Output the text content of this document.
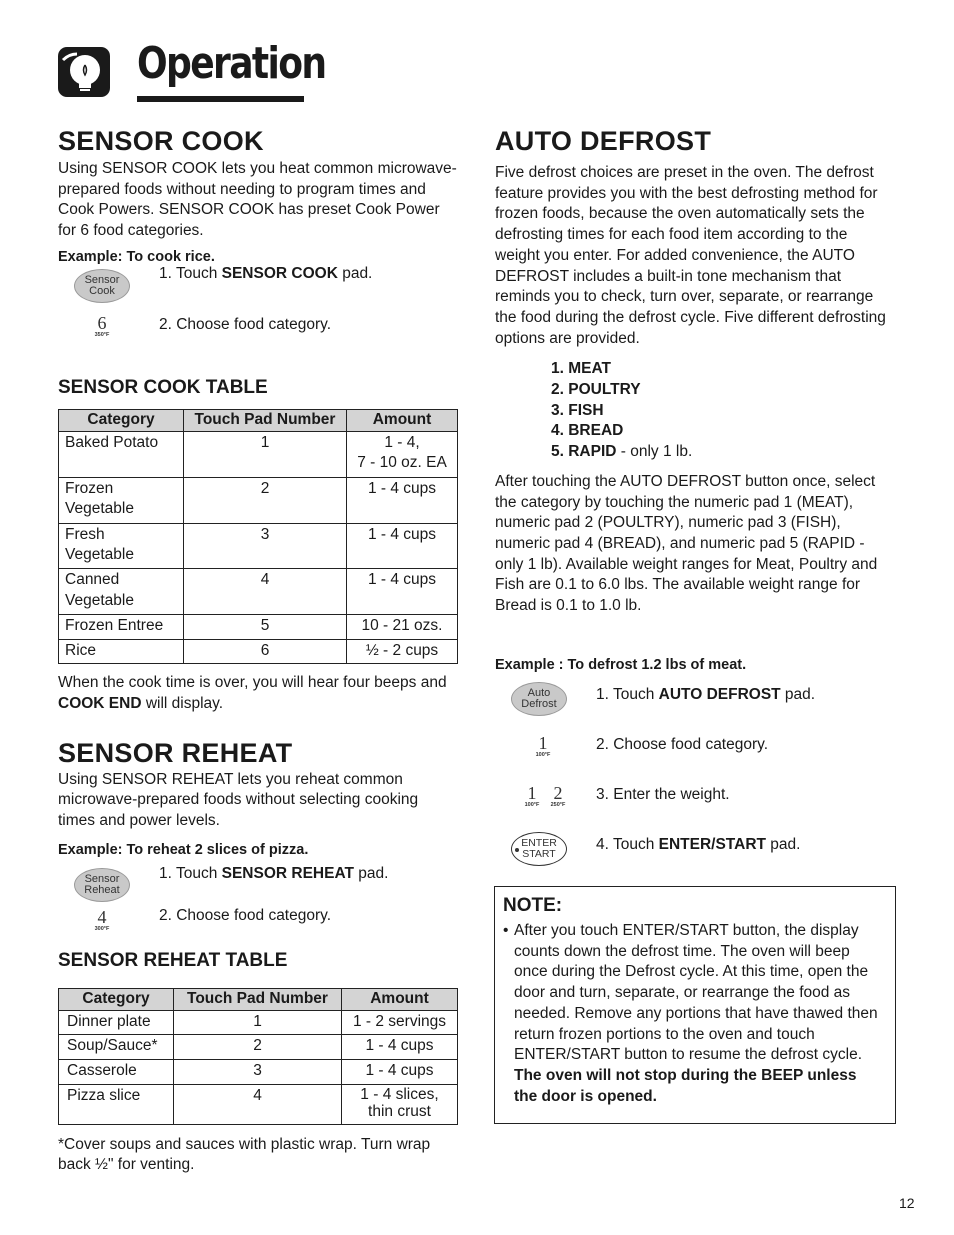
Operation
SENSOR COOK

Using SENSOR COOK lets you heat common microwave-prepared foods without needing to program times and Cook Powers. SENSOR COOK has preset Cook Power for 6 food categories.

Example: To cook rice.
Sensor
Cook
1. Touch SENSOR COOK pad.
6
350°F
2. Choose food category.
SENSOR COOK TABLE
Category	Touch Pad Number	Amount
Baked Potato	1	1 - 4,
7 - 10 oz. EA
Frozen
Vegetable	2	1 - 4 cups
Fresh
Vegetable	3	1 - 4 cups
Canned
Vegetable	4	1 - 4 cups
Frozen Entree	5	10 - 21 ozs.
Rice	6	½ - 2 cups

When the cook time is over, you will hear four beeps and COOK END will display.

SENSOR REHEAT

Using SENSOR REHEAT lets you reheat common microwave-prepared foods without selecting cooking times and power levels.

Example: To reheat 2 slices of pizza.
Sensor
Reheat
1. Touch SENSOR REHEAT pad.
4
300°F
2. Choose food category.
SENSOR REHEAT TABLE
Category	Touch Pad Number	Amount
Dinner plate	1	1 - 2 servings
Soup/Sauce*	2	1 - 4 cups
Casserole	3	1 - 4 cups
Pizza slice	4	1 - 4 slices,
thin crust

*Cover soups and sauces with plastic wrap. Turn wrap back ½" for venting.

AUTO DEFROST

Five defrost choices are preset in the oven. The defrost feature provides you with the best defrosting method for frozen foods, because the oven automatically sets the defrosting times for each food item according to the weight you enter. For added convenience, the AUTO DEFROST includes a built-in tone mechanism that reminds you to check, turn over, separate, or rearrange the food during the defrost cycle. Five different defrosting options are provided.

1. MEAT
2. POULTRY
3. FISH
4. BREAD
5. RAPID - only 1 lb.

After touching the AUTO DEFROST button once, select the category by touching the numeric pad 1 (MEAT), numeric pad 2 (POULTRY), numeric pad 3 (FISH), numeric pad 4 (BREAD), and numeric pad 5 (RAPID - only 1 lb). Available weight ranges for Meat, Poultry and Fish are 0.1 to 6.0 lbs. The available weight range for Bread is 0.1 to 1.0 lb.

Example : To defrost 1.2 lbs of meat.
Auto
Defrost
1. Touch AUTO DEFROST pad.
1
100°F
2. Choose food category.
1
100°F
2
250°F
3. Enter the weight.
ENTER
START
4. Touch ENTER/START pad.
NOTE:
• After you touch ENTER/START button, the display counts down the defrost time. The oven will beep once during the Defrost cycle. At this time, open the door and turn, separate, or rearrange the food as needed. Remove any portions that have thawed then return frozen portions to the oven and touch ENTER/START button to resume the defrost cycle. The oven will not stop during the BEEP unless the door is opened.
12
